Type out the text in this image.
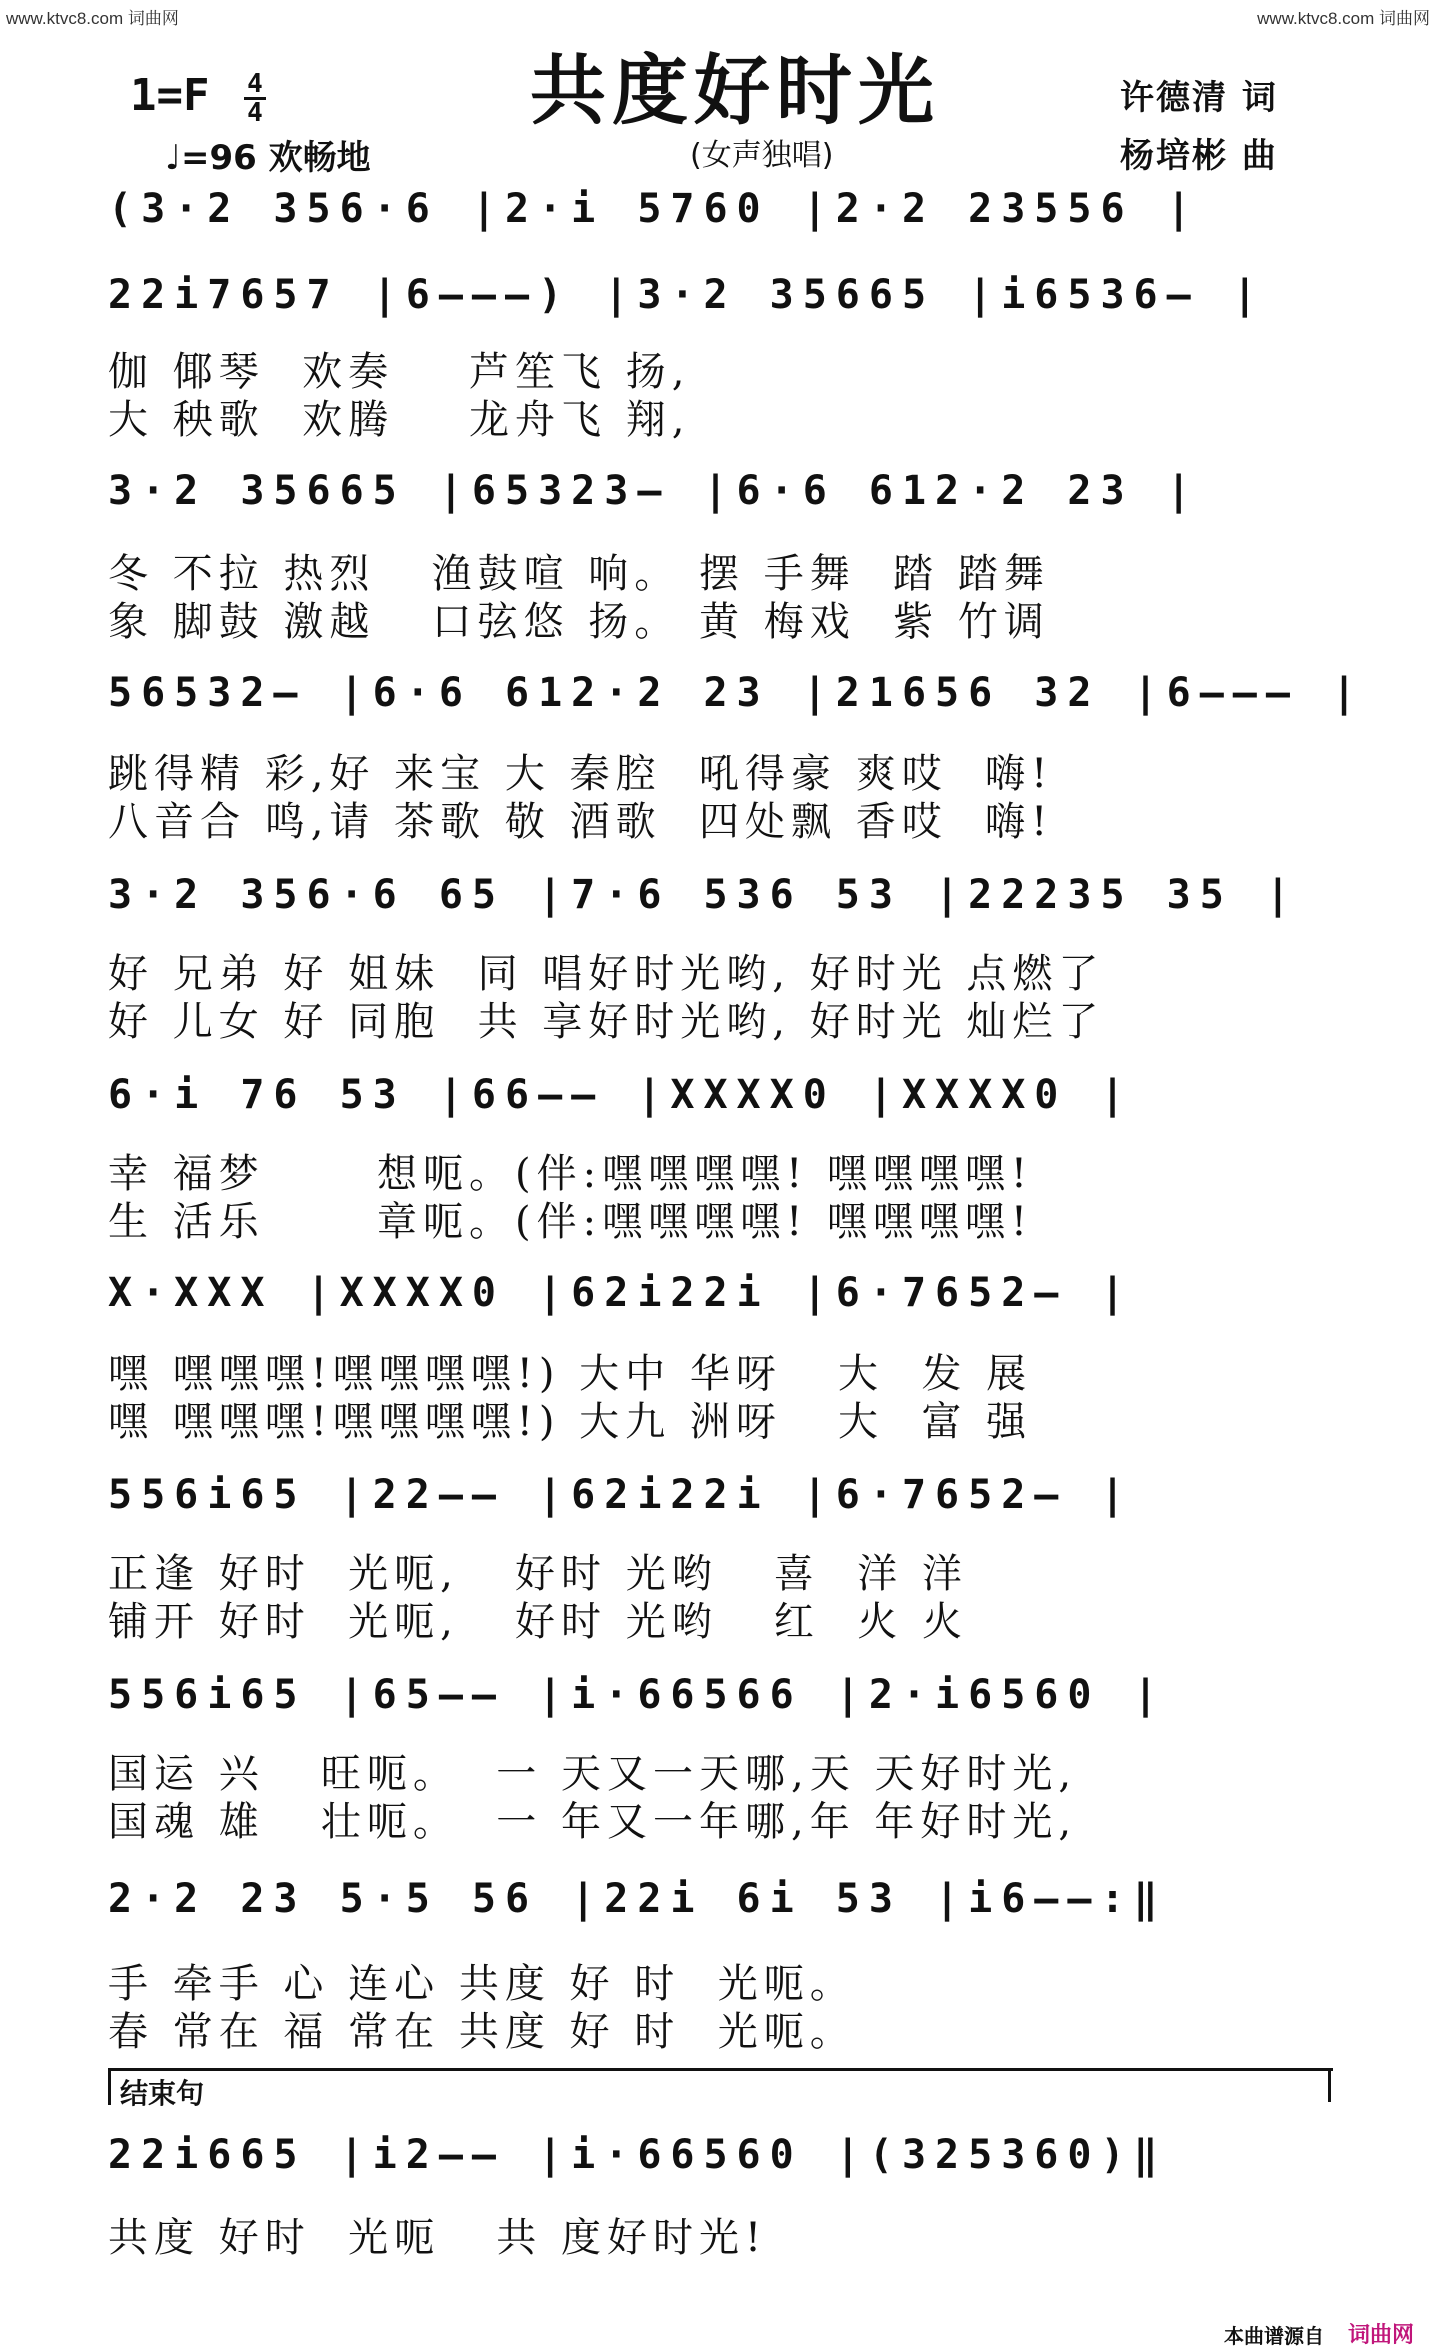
www.ktvc8.com 词曲网	www.ktvc8.com 词曲网
$1=F \frac{4}{4}$
♩=96 欢畅地
共度好时光
(女声独唱)
许德清 词
杨培彬 曲
(3·2 356·6 |2·i 5760 |2·2 23556 |
22i7657 |6———) |3·2 35665 |i6536— |
伽 倻琴  欢奏    芦笙飞 扬,
大 秧歌  欢腾    龙舟飞 翔,
3·2 35665 |65323— |6·6 612·2 23 |
冬 不拉 热烈   渔鼓喧 响。 摆 手舞  踏 踏舞
象 脚鼓 激越   口弦悠 扬。 黄 梅戏  紫 竹调
56532— |6·6 612·2 23 |21656 32 |6——— |
跳得精 彩,好 来宝 大 秦腔  吼得豪 爽哎  嗨!
八音合 鸣,请 茶歌 敬 酒歌  四处飘 香哎  嗨!
3·2 356·6 65 |7·6 536 53 |22235 35 |
好 兄弟 好 姐妹  同 唱好时光哟, 好时光 点燃了
好 儿女 好 同胞  共 享好时光哟, 好时光 灿烂了
6·i 76 53 |66—— |XXXX0 |XXXX0 |
幸 福梦      想呃。(伴:嘿嘿嘿嘿! 嘿嘿嘿嘿!
生 活乐      章呃。(伴:嘿嘿嘿嘿! 嘿嘿嘿嘿!
X·XXX |XXXX0 |62i22i |6·7652— |
嘿 嘿嘿嘿!嘿嘿嘿嘿!) 大中 华呀   大  发 展
嘿 嘿嘿嘿!嘿嘿嘿嘿!) 大九 洲呀   大  富 强
556i65 |22—— |62i22i |6·7652— |
正逢 好时  光呃,   好时 光哟   喜  洋 洋
铺开 好时  光呃,   好时 光哟   红  火 火
556i65 |65—— |i·66566 |2·i6560 |
国运 兴   旺呃。  一 天又一天哪,天 天好时光,
国魂 雄   壮呃。  一 年又一年哪,年 年好时光,
2·2 23 5·5 56 |22i 6i 53 |i6——:‖
手 牵手 心 连心 共度 好 时  光呃。
春 常在 福 常在 共度 好 时  光呃。
结束句
22i665 |i2—— |i·66560 |(325360)‖
共度 好时  光呃   共 度好时光!
本曲谱源自 词曲网
